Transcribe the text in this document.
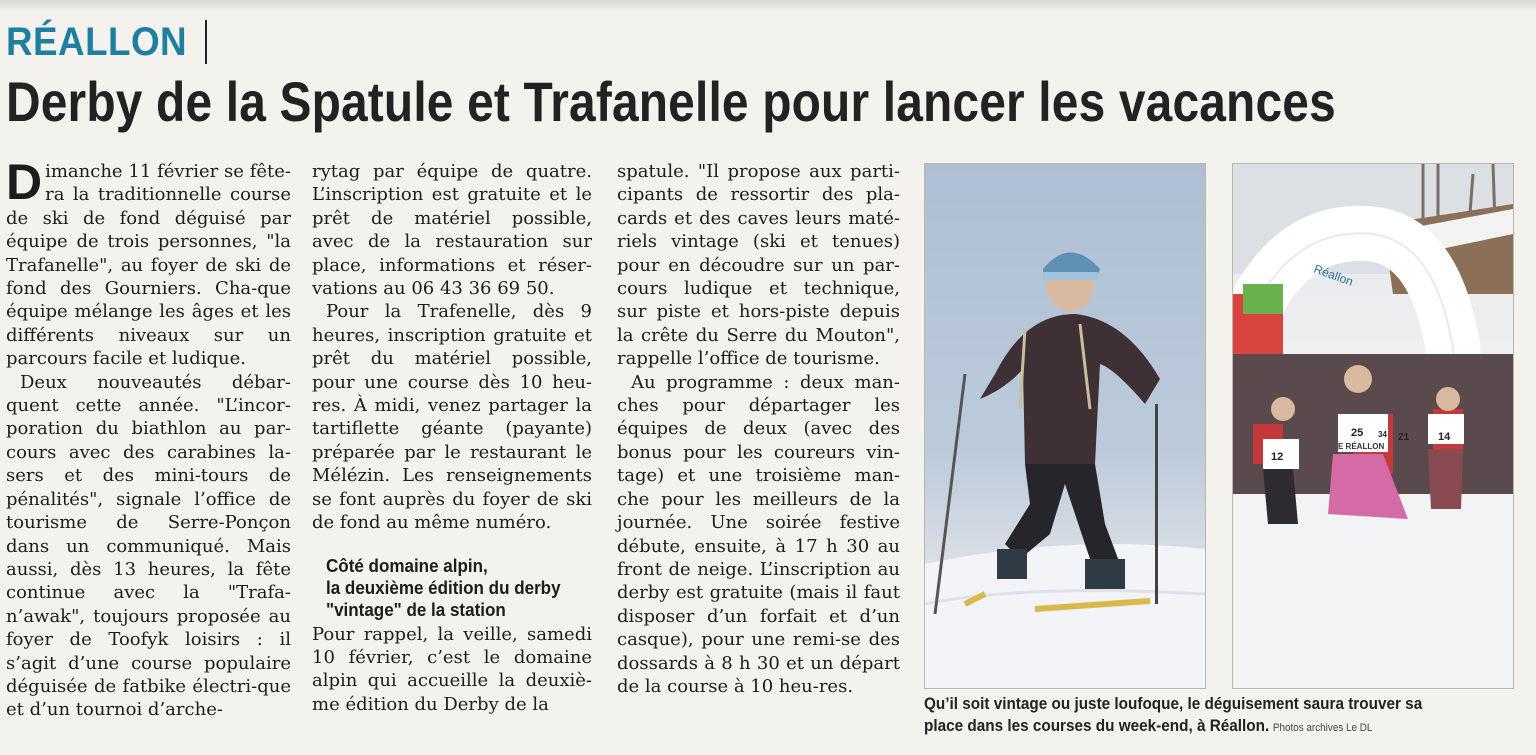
RÉALLON
Derby de la Spatule et Trafanelle pour lancer les vacances

Dimanche 11 février se fête-ra la traditionnelle course de ski de fond déguisé par équipe de trois personnes, "la Trafanelle", au foyer de ski de fond des Gourniers. Cha-que équipe mélange les âges et les différents niveaux sur un parcours facile et ludique.

Deux nouveautés débar-quent cette année. "L’incor-poration du biathlon au par-cours avec des carabines la-sers et des mini-tours de pénalités", signale l’office de tourisme de Serre-Ponçon dans un communiqué. Mais aussi, dès 13 heures, la fête continue avec la "Trafa-n’awak", toujours proposée au foyer de Toofyk loisirs : il s’agit d’une course populaire déguisée de fatbike électri-que et d’un tournoi d’arche-

rytag par équipe de quatre. L’inscription est gratuite et le prêt de matériel possible, avec de la restauration sur place, informations et réser-vations au 06 43 36 69 50.

Pour la Trafenelle, dès 9 heures, inscription gratuite et prêt du matériel possible, pour une course dès 10 heu-res. À midi, venez partager la tartiflette géante (payante) préparée par le restaurant le Mélézin. Les renseignements se font auprès du foyer de ski de fond au même numéro.

Côté domaine alpin,
la deuxième édition du derby
"vintage" de la station

Pour rappel, la veille, samedi 10 février, c’est le domaine alpin qui accueille la deuxiè-me édition du Derby de la

spatule. "Il propose aux parti-cipants de ressortir des pla-cards et des caves leurs maté-riels vintage (ski et tenues) pour en découdre sur un par-cours ludique et technique, sur piste et hors-piste depuis la crête du Serre du Mouton", rappelle l’office de tourisme.

Au programme : deux man-ches pour départager les équipes de deux (avec des bonus pour les coureurs vin-tage) et une troisième man-che pour les meilleurs de la journée. Une soirée festive débute, ensuite, à 17 h 30 au front de neige. L’inscription au derby est gratuite (mais il faut disposer d’un forfait et d’un casque), pour une remi-se des dossards à 8 h 30 et un départ de la course à 10 heu-res.

Réallon
E RÉALLON
25
12
14
21
34
Qu’il soit vintage ou juste loufoque, le déguisement saura trouver sa place dans les courses du week-end, à Réallon. Photos archives Le DL
